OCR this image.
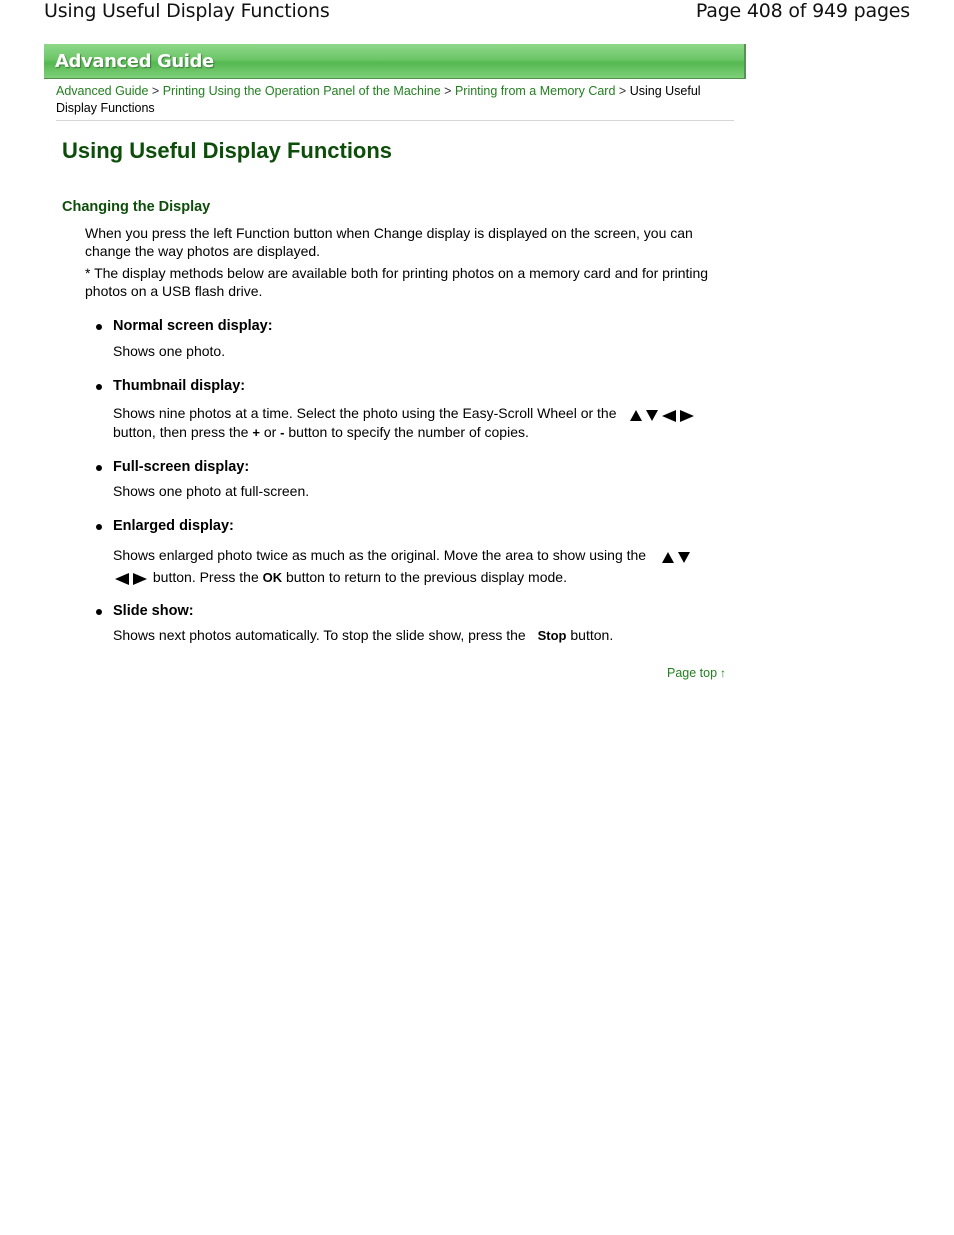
Using Useful Display Functions	Page 408 of 949 pages
Advanced Guide
Advanced Guide > Printing Using the Operation Panel of the Machine > Printing from a Memory Card > Using Useful Display Functions
Using Useful Display Functions
Changing the Display

When you press the left Function button when Change display is displayed on the screen, you can change the way photos are displayed.

* The display methods below are available both for printing photos on a memory card and for printing photos on a USB flash drive.

Normal screen display:
Shows one photo.
Thumbnail display:
Shows nine photos at a time. Select the photo using the Easy-Scroll Wheel or the
button, then press the + or - button to specify the number of copies.
Full-screen display:
Shows one photo at full-screen.
Enlarged display:
Shows enlarged photo twice as much as the original. Move the area to show using the
button. Press the OK button to return to the previous display mode.
Slide show:
Shows next photos automatically. To stop the slide show, press the Stop button.
Page top ↑
